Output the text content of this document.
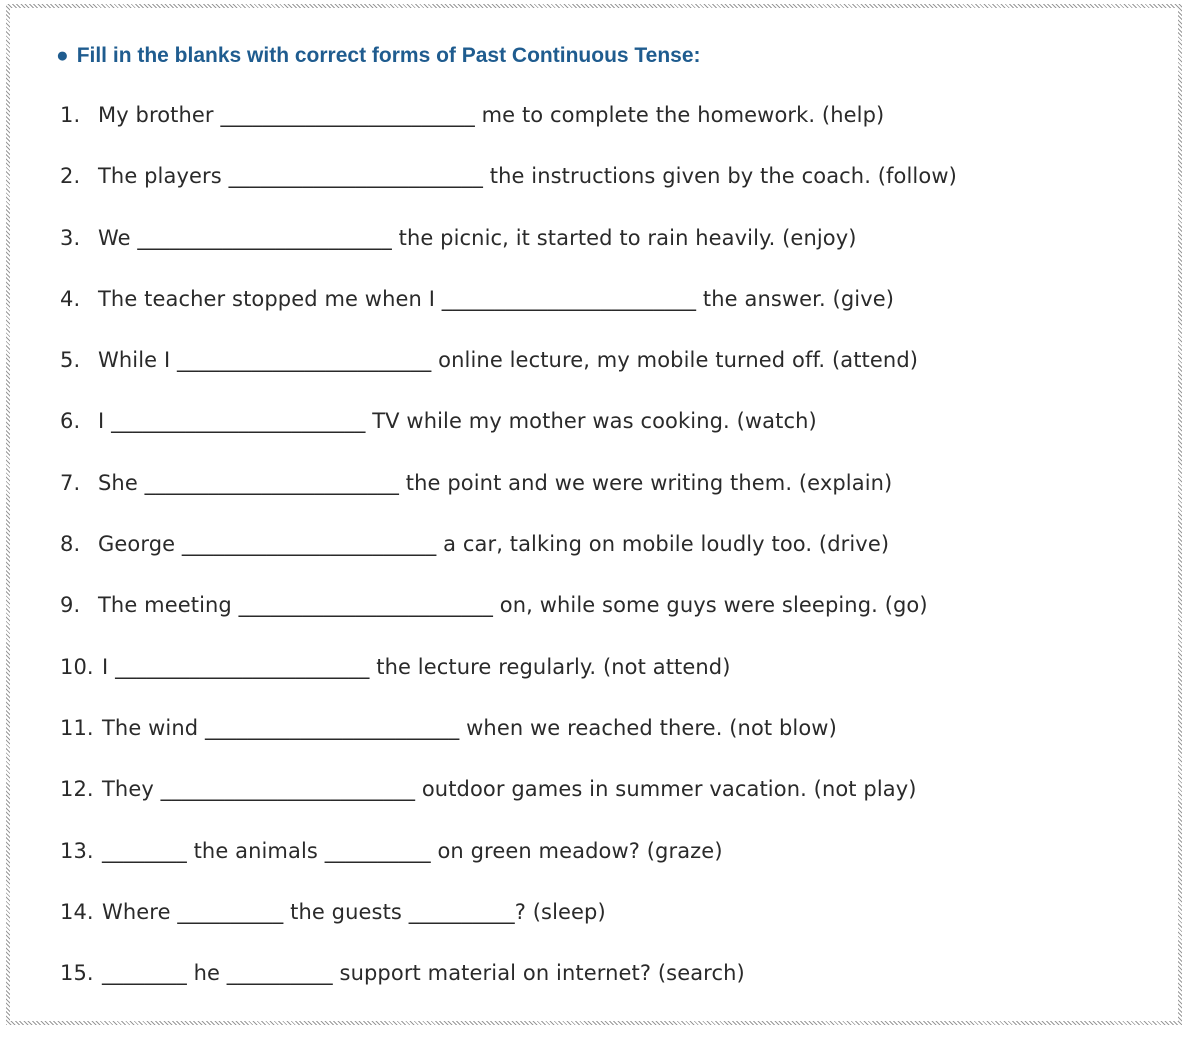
● Fill in the blanks with correct forms of Past Continuous Tense:
1. My brother ________________________ me to complete the homework. (help)
2. The players ________________________ the instructions given by the coach. (follow)
3. We ________________________ the picnic, it started to rain heavily. (enjoy)
4. The teacher stopped me when I ________________________ the answer. (give)
5. While I ________________________ online lecture, my mobile turned off. (attend)
6. I ________________________ TV while my mother was cooking. (watch)
7. She ________________________ the point and we were writing them. (explain)
8. George ________________________ a car, talking on mobile loudly too. (drive)
9. The meeting ________________________ on, while some guys were sleeping. (go)
10. I ________________________ the lecture regularly. (not attend)
11. The wind ________________________ when we reached there. (not blow)
12. They ________________________ outdoor games in summer vacation. (not play)
13. ________ the animals __________ on green meadow? (graze)
14. Where __________ the guests __________? (sleep)
15. ________ he __________ support material on internet? (search)
